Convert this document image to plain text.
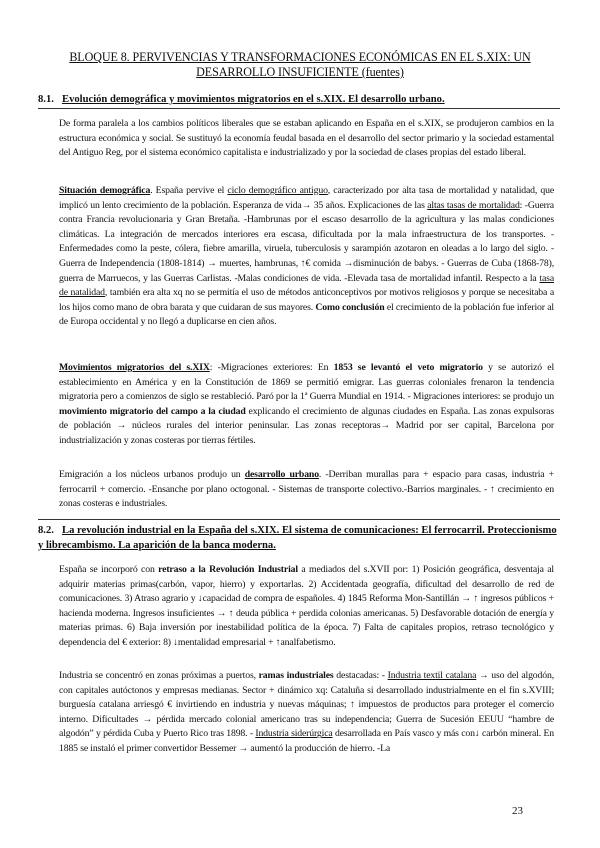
BLOQUE 8. PERVIVENCIAS Y TRANSFORMACIONES ECONÓMICAS EN EL S.XIX: UN
DESARROLLO INSUFICIENTE (fuentes)
8.1. Evolución demográfica y movimientos migratorios en el s.XIX. El desarrollo urbano.

De forma paralela a los cambios políticos liberales que se estaban aplicando en España en el s.XIX, se produjeron cambios en la estructura económica y social. Se sustituyó la economía feudal basada en el desarrollo del sector primario y la sociedad estamental del Antiguo Reg, por el sistema económico capitalista e industrializado y por la sociedad de clases propias del estado liberal.

Situación demográfica. España pervive el ciclo demográfico antiguo, caracterizado por alta tasa de mortalidad y natalidad, que implicó un lento crecimiento de la población. Esperanza de vida→ 35 años. Explicaciones de las altas tasas de mortalidad: -Guerra contra Francia revolucionaria y Gran Bretaña. -Hambrunas por el escaso desarrollo de la agricultura y las malas condiciones climáticas. La integración de mercados interiores era escasa, dificultada por la mala infraestructura de los transportes. -Enfermedades como la peste, cólera, fiebre amarilla, viruela, tuberculosis y sarampión azotaron en oleadas a lo largo del siglo. -Guerra de Independencia (1808-1814) → muertes, hambrunas, ↑€ comida →disminución de babys. - Guerras de Cuba (1868-78), guerra de Marruecos, y las Guerras Carlistas. -Malas condiciones de vida. -Elevada tasa de mortalidad infantil. Respecto a la tasa de natalidad, también era alta xq no se permitía el uso de métodos anticonceptivos por motivos religiosos y porque se necesitaba a los hijos como mano de obra barata y que cuidaran de sus mayores. Como conclusión el crecimiento de la población fue inferior al de Europa occidental y no llegó a duplicarse en cien años.

Movimientos migratorios del s.XIX: -Migraciones exteriores: En 1853 se levantó el veto migratorio y se autorizó el establecimiento en América y en la Constitución de 1869 se permitió emigrar. Las guerras coloniales frenaron la tendencia migratoria pero a comienzos de siglo se restableció. Paró por la 1ª Guerra Mundial en 1914. - Migraciones interiores: se produjo un movimiento migratorio del campo a la ciudad explicando el crecimiento de algunas ciudades en España. Las zonas expulsoras de población → núcleos rurales del interior peninsular. Las zonas receptoras→ Madrid por ser capital, Barcelona por industrialización y zonas costeras por tierras fértiles.

Emigración a los núcleos urbanos produjo un desarrollo urbano. -Derriban murallas para + espacio para casas, industria + ferrocarril + comercio. -Ensanche por plano octogonal. - Sistemas de transporte colectivo.-Barrios marginales. - ↑ crecimiento en zonas costeras e industriales.

8.2. La revolución industrial en la España del s.XIX. El sistema de comunicaciones: El ferrocarril. Proteccionismo y librecambismo. La aparición de la banca moderna.

España se incorporó con retraso a la Revolución Industrial a mediados del s.XVII por: 1) Posición geográfica, desventaja al adquirir materias primas(carbón, vapor, hierro) y exportarlas. 2) Accidentada geografía, dificultad del desarrollo de red de comunicaciones. 3) Atraso agrario y ↓capacidad de compra de españoles. 4) 1845 Reforma Mon-Santillán → ↑ ingresos públicos + hacienda moderna. Ingresos insuficientes → ↑ deuda pública + perdida colonias americanas. 5) Desfavorable dotación de energía y materias primas. 6) Baja inversión por inestabilidad política de la época. 7) Falta de capitales propios, retraso tecnológico y dependencia del € exterior: 8) ↓mentalidad empresarial + ↑analfabetismo.

Industria se concentró en zonas próximas a puertos, ramas industriales destacadas: - Industria textil catalana → uso del algodón, con capitales autóctonos y empresas medianas. Sector + dinámico xq: Cataluña si desarrollado industrialmente en el fin s.XVIII; burguesía catalana arriesgó € invirtiendo en industria y nuevas máquinas; ↑ impuestos de productos para proteger el comercio interno. Dificultades → pérdida mercado colonial americano tras su independencia; Guerra de Sucesión EEUU “hambre de algodón” y pérdida Cuba y Puerto Rico tras 1898. - Industria siderúrgica desarrollada en País vasco y más con↓ carbón mineral. En 1885 se instaló el primer convertidor Bessemer → aumentó la producción de hierro. -La

23
